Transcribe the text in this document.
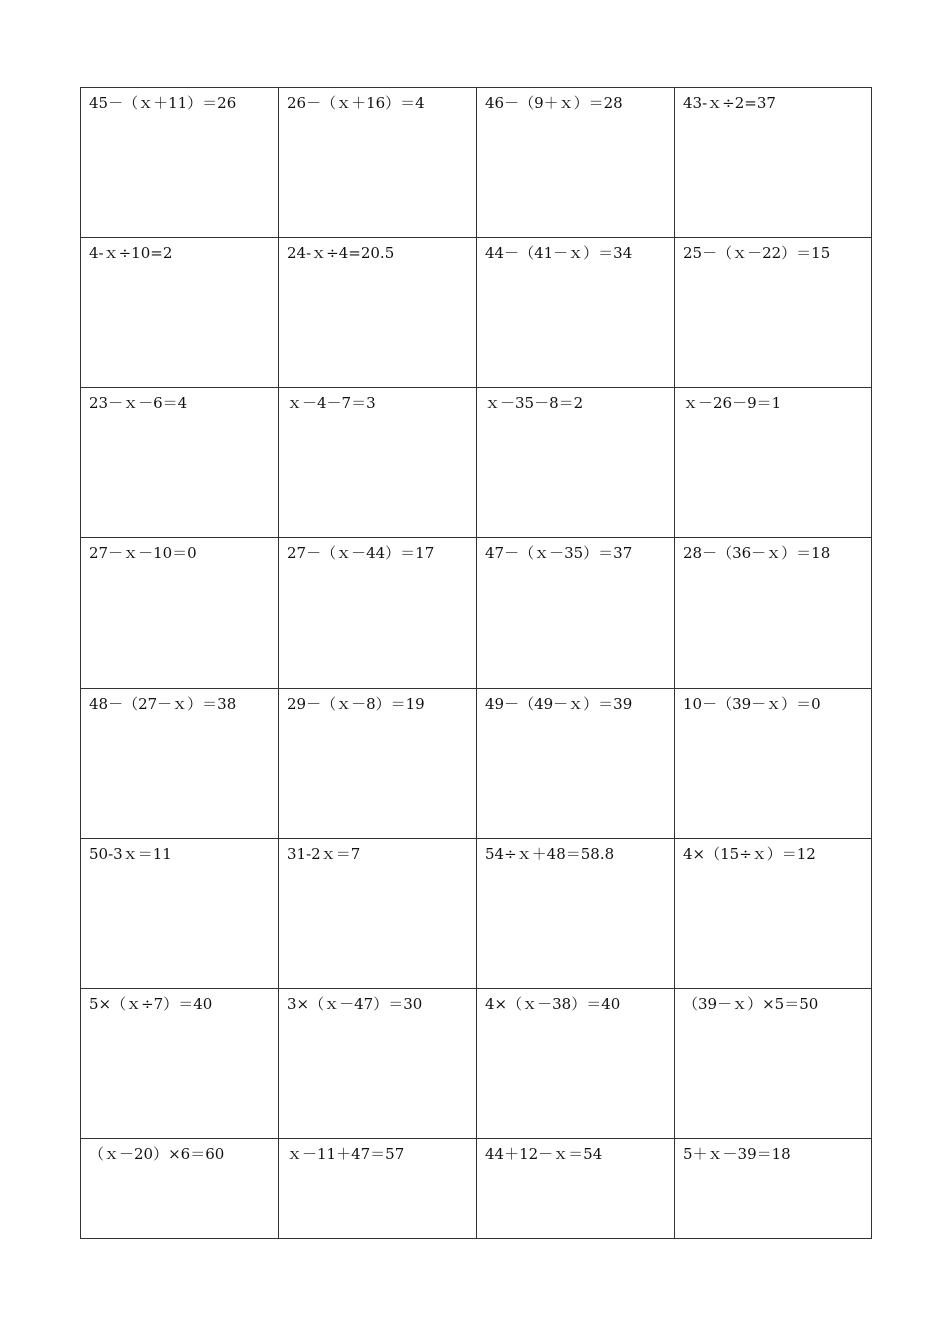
45－（ｘ＋11）＝26	26－（ｘ＋16）＝4	46－（9＋ｘ）＝28	43-ｘ÷2=37
4-ｘ÷10=2	24-ｘ÷4=20.5	44－（41－ｘ）＝34	25－（ｘ－22）＝15
23－ｘ－6＝4	ｘ－4－7＝3	ｘ－35－8＝2	ｘ－26－9＝1
27－ｘ－10＝0	27－（ｘ－44）＝17	47－（ｘ－35）＝37	28－（36－ｘ）＝18
48－（27－ｘ）＝38	29－（ｘ－8）＝19	49－（49－ｘ）＝39	10－（39－ｘ）＝0
50-3ｘ＝11	31-2ｘ＝7	54÷ｘ＋48＝58.8	4×（15÷ｘ）＝12
5×（ｘ÷7）＝40	3×（ｘ－47）＝30	4×（ｘ－38）＝40	（39－ｘ）×5＝50
（ｘ－20）×6＝60	ｘ－11＋47＝57	44＋12－ｘ＝54	5＋ｘ－39＝18
